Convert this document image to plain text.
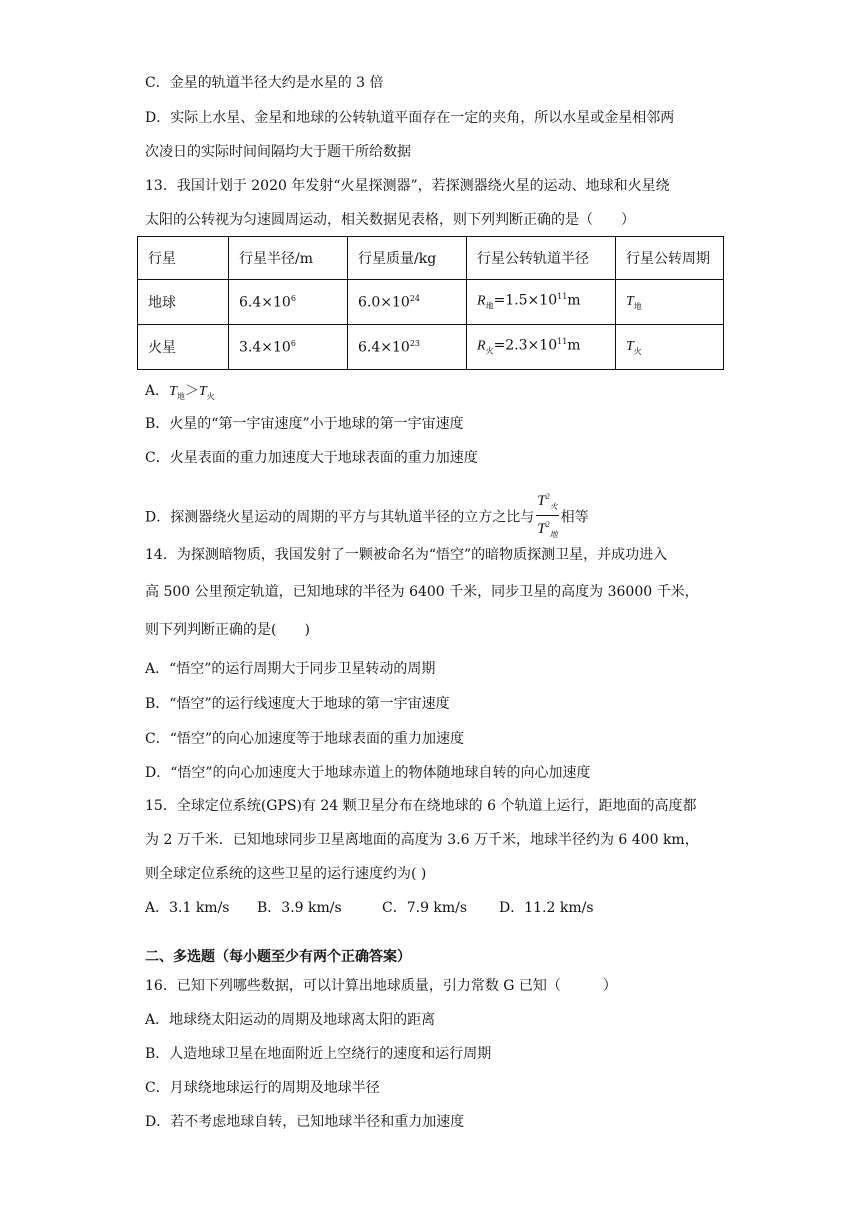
C．金星的轨道半径大约是水星的 3 倍
D．实际上水星、金星和地球的公转轨道平面存在一定的夹角，所以水星或金星相邻两
次凌日的实际时间间隔均大于题干所给数据
13．我国计划于 2020 年发射“火星探测器”，若探测器绕火星的运动、地球和火星绕
太阳的公转视为匀速圆周运动，相关数据见表格，则下列判断正确的是（　　）
行星	行星半径/m	行星质量/kg	行星公转轨道半径	行星公转周期
地球	$6.4\times 10^6$	$6.0\times 10^{24}$	$R_地=1.5\times 10^{11}m$	$T_地$
火星	$3.4\times 10^6$	$6.4\times 10^{23}$	$R_火=2.3\times 10^{11}m$	$T_火$
A．$T_地>T_火$
B．火星的“第一宇宙速度”小于地球的第一宇宙速度
C．火星表面的重力加速度大于地球表面的重力加速度
D．探测器绕火星运动的周期的平方与其轨道半径的立方之比与 $\frac{T^2_火}{T^2_地}$ 相等
14．为探测暗物质，我国发射了一颗被命名为“悟空”的暗物质探测卫星，并成功进入
高 500 公里预定轨道，已知地球的半径为 6400 千米，同步卫星的高度为 36000 千米，
则下列判断正确的是(　　)
A．“悟空”的运行周期大于同步卫星转动的周期
B．“悟空”的运行线速度大于地球的第一宇宙速度
C．“悟空”的向心加速度等于地球表面的重力加速度
D．“悟空”的向心加速度大于地球赤道上的物体随地球自转的向心加速度
15．全球定位系统(GPS)有 24 颗卫星分布在绕地球的 6 个轨道上运行，距地面的高度都
为 2 万千米．已知地球同步卫星离地面的高度为 3.6 万千米，地球半径约为 6 400 km，
则全球定位系统的这些卫星的运行速度约为( )
A．3.1 km/s B．3.9 km/s	C．7.9 km/s D．11.2 km/s
二、多选题（每小题至少有两个正确答案）
16．已知下列哪些数据，可以计算出地球质量，引力常数 G 已知（　　　）
A．地球绕太阳运动的周期及地球离太阳的距离
B．人造地球卫星在地面附近上空绕行的速度和运行周期
C．月球绕地球运行的周期及地球半径
D．若不考虑地球自转，已知地球半径和重力加速度
